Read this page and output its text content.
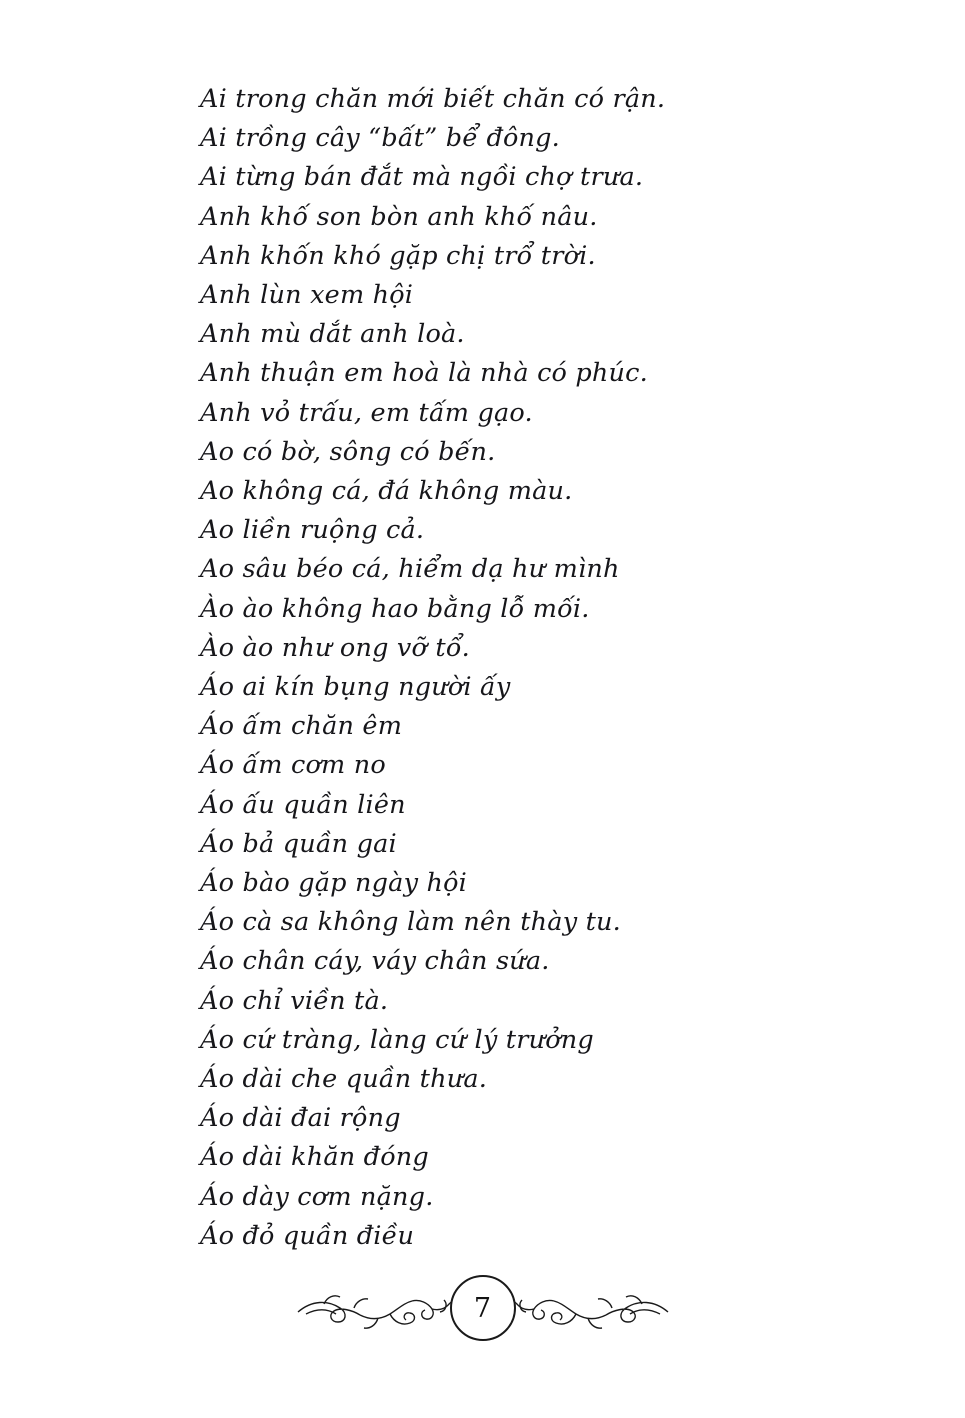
Ai trong chăn mới biết chăn có rận.
Ai trồng cây “bất” bể đông.
Ai từng bán đắt mà ngồi chợ trưa.
Anh khố son bòn anh khố nâu.
Anh khốn khó gặp chị trổ trời.
Anh lùn xem hội
Anh mù dắt anh loà.
Anh thuận em hoà là nhà có phúc.
Anh vỏ trấu, em tấm gạo.
Ao có bờ, sông có bến.
Ao không cá, đá không màu.
Ao liền ruộng cả.
Ao sâu béo cá, hiểm dạ hư mình
Ào ào không hao bằng lỗ mối.
Ào ào như ong vỡ tổ.
Áo ai kín bụng người ấy
Áo ấm chăn êm
Áo ấm cơm no
Áo ấu quần liên
Áo bả quần gai
Áo bào gặp ngày hội
Áo cà sa không làm nên thày tu.
Áo chân cáy, váy chân sứa.
Áo chỉ viền tà.
Áo cứ tràng, làng cứ lý trưởng
Áo dài che quần thưa.
Áo dài đai rộng
Áo dài khăn đóng
Áo dày cơm nặng.
Áo đỏ quần điều
7
